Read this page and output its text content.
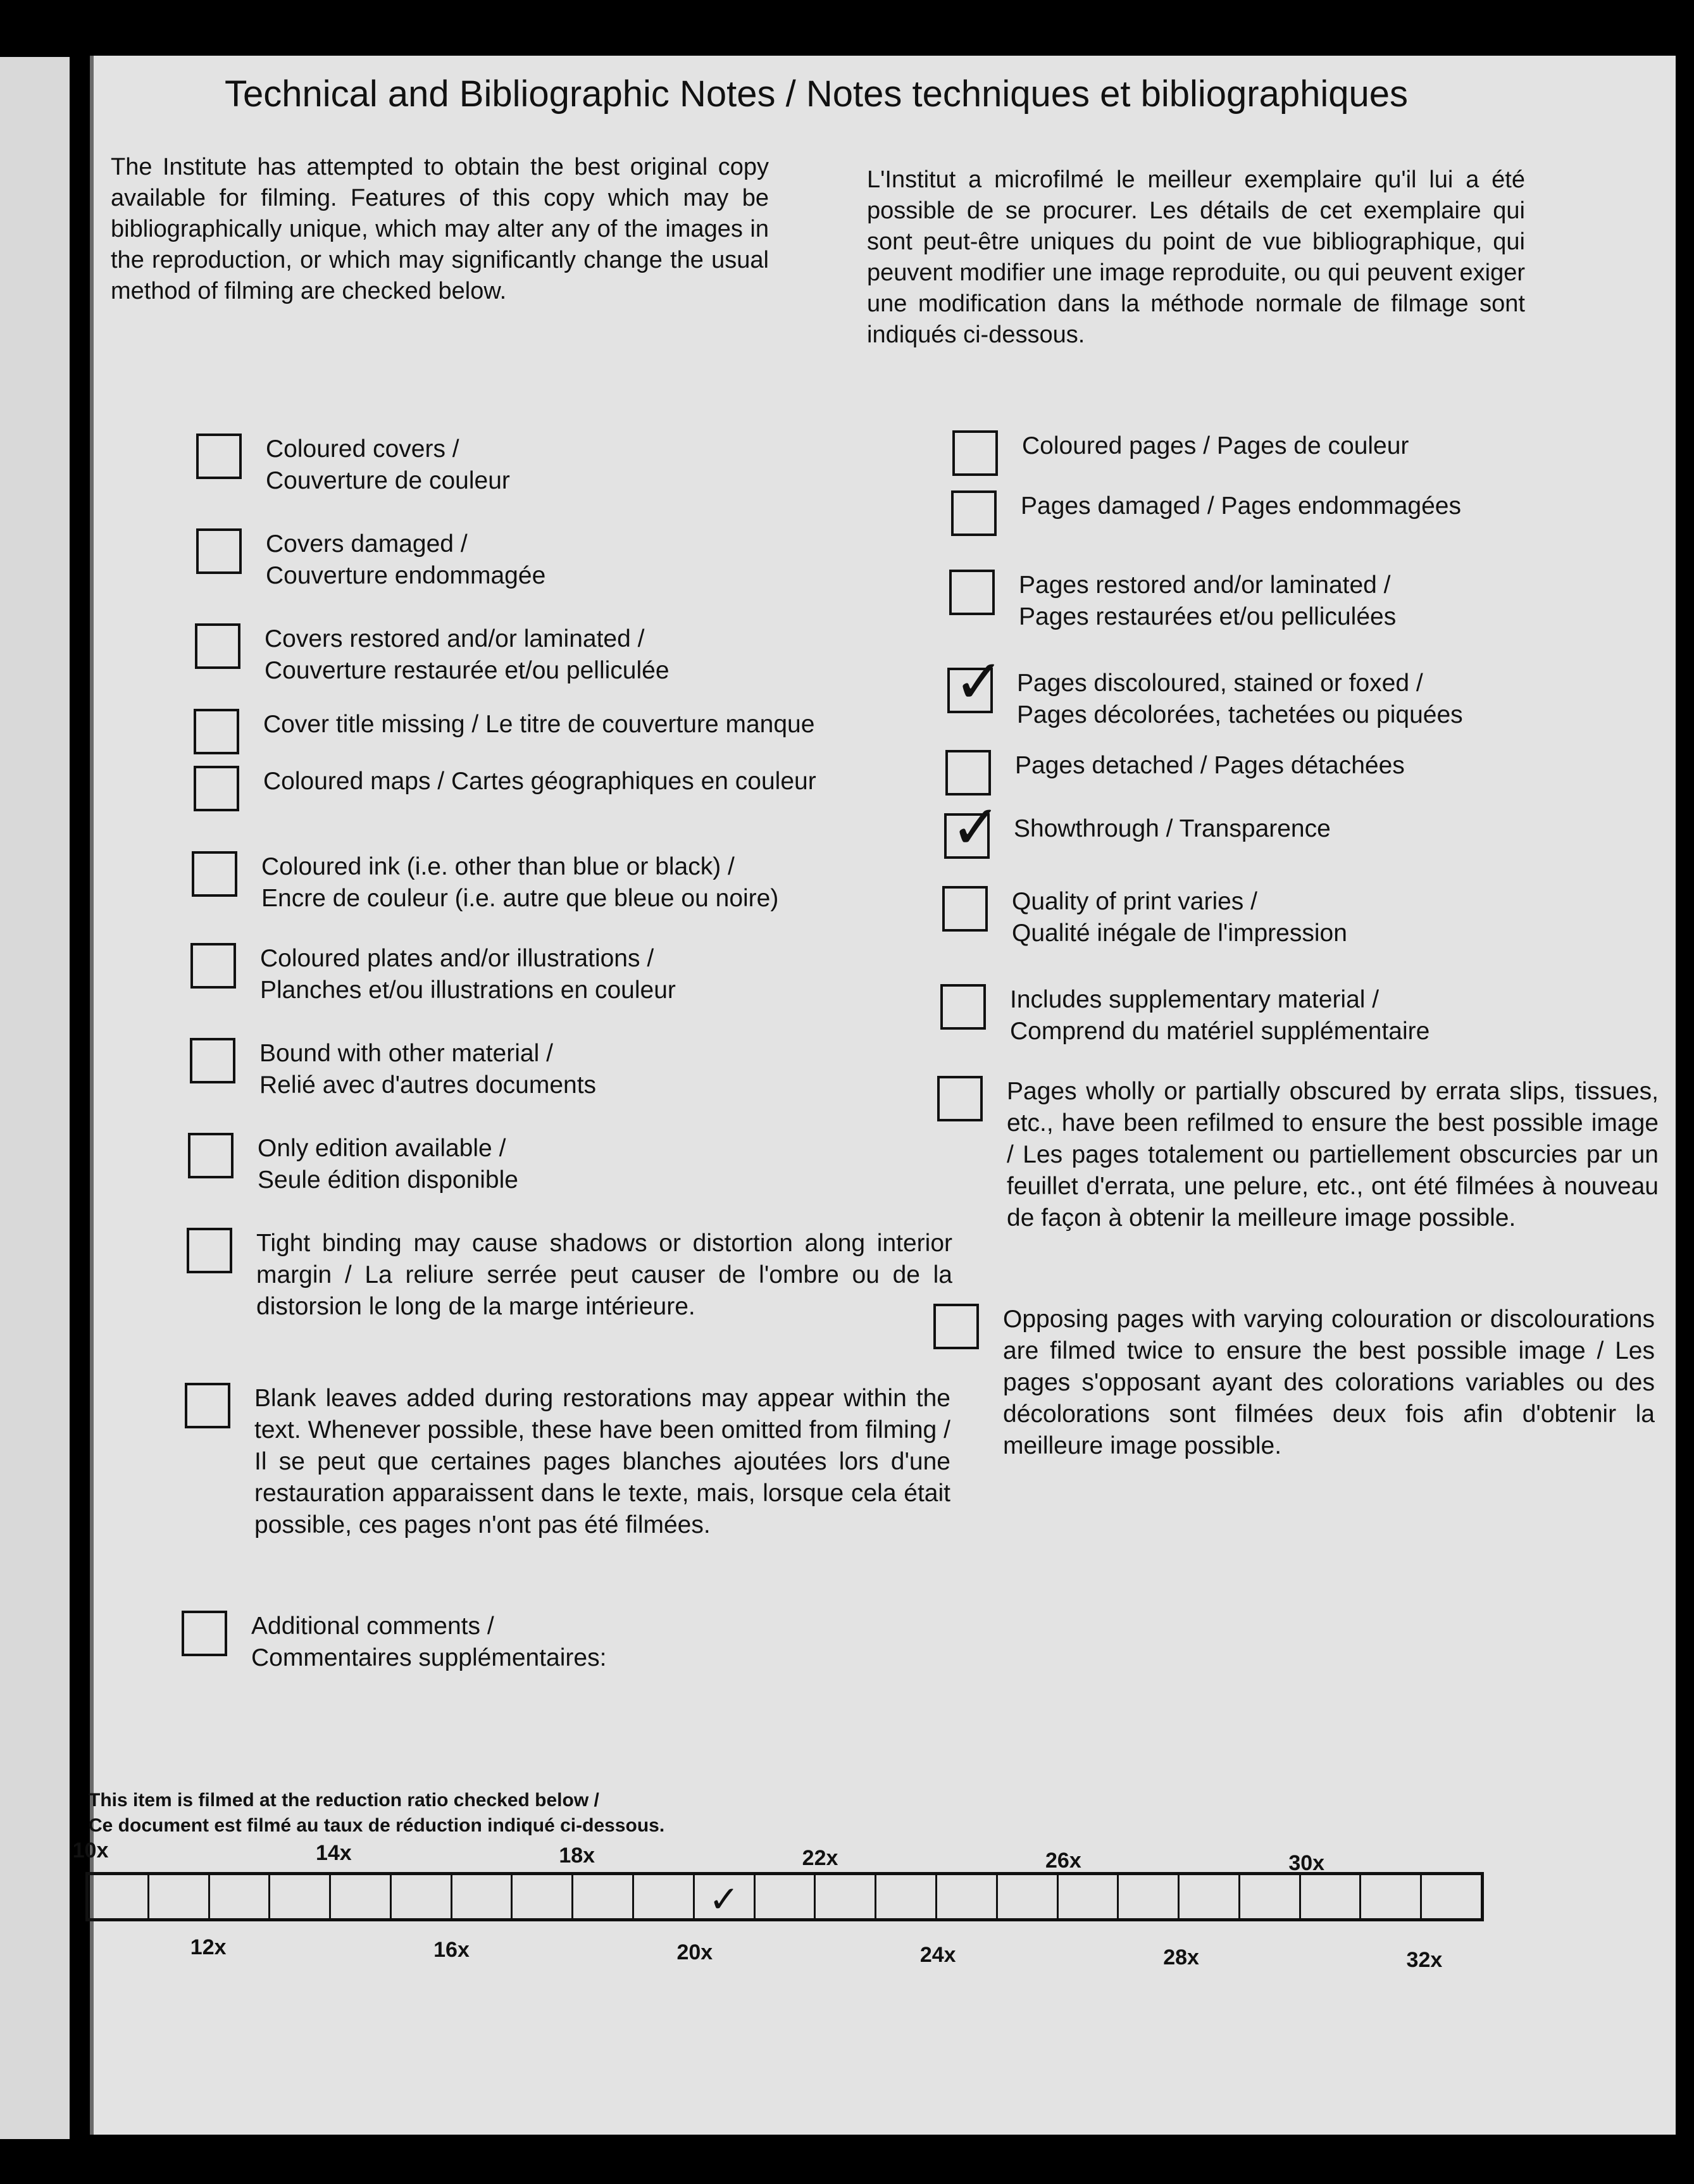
Technical and Bibliographic Notes / Notes techniques et bibliographiques
The Institute has attempted to obtain the best original copy available for filming. Features of this copy which may be bibliographically unique, which may alter any of the images in the reproduction, or which may significantly change the usual method of filming are checked below.
L'Institut a microfilmé le meilleur exemplaire qu'il lui a été possible de se procurer. Les détails de cet exemplaire qui sont peut-être uniques du point de vue bibliographique, qui peuvent modifier une image reproduite, ou qui peuvent exiger une modification dans la méthode normale de filmage sont indiqués ci-dessous.
Coloured covers /
Couverture de couleur
Covers damaged /
Couverture endommagée
Covers restored and/or laminated /
Couverture restaurée et/ou pelliculée
Cover title missing / Le titre de couverture manque
Coloured maps / Cartes géographiques en couleur
Coloured ink (i.e. other than blue or black) /
Encre de couleur (i.e. autre que bleue ou noire)
Coloured plates and/or illustrations /
Planches et/ou illustrations en couleur
Bound with other material /
Relié avec d'autres documents
Only edition available /
Seule édition disponible
Tight binding may cause shadows or distortion along interior margin / La reliure serrée peut causer de l'ombre ou de la distorsion le long de la marge intérieure.
Blank leaves added during restorations may appear within the text. Whenever possible, these have been omitted from filming / Il se peut que certaines pages blanches ajoutées lors d'une restauration apparaissent dans le texte, mais, lorsque cela était possible, ces pages n'ont pas été filmées.
Additional comments /
Commentaires supplémentaires:
Coloured pages / Pages de couleur
Pages damaged / Pages endommagées
Pages restored and/or laminated /
Pages restaurées et/ou pelliculées
✓ Pages discoloured, stained or foxed /
Pages décolorées, tachetées ou piquées
Pages detached / Pages détachées
✓ Showthrough / Transparence
Quality of print varies /
Qualité inégale de l'impression
Includes supplementary material /
Comprend du matériel supplémentaire
Pages wholly or partially obscured by errata slips, tissues, etc., have been refilmed to ensure the best possible image / Les pages totalement ou partiellement obscurcies par un feuillet d'errata, une pelure, etc., ont été filmées à nouveau de façon à obtenir la meilleure image possible.
Opposing pages with varying colouration or discolourations are filmed twice to ensure the best possible image / Les pages s'opposant ayant des colorations variables ou des décolorations sont filmées deux fois afin d'obtenir la meilleure image possible.
This item is filmed at the reduction ratio checked below /
Ce document est filmé au taux de réduction indiqué ci-dessous.
✓
10x	14x	18x	22x	26x	30x
12x	16x	20x	24x	28x	32x
